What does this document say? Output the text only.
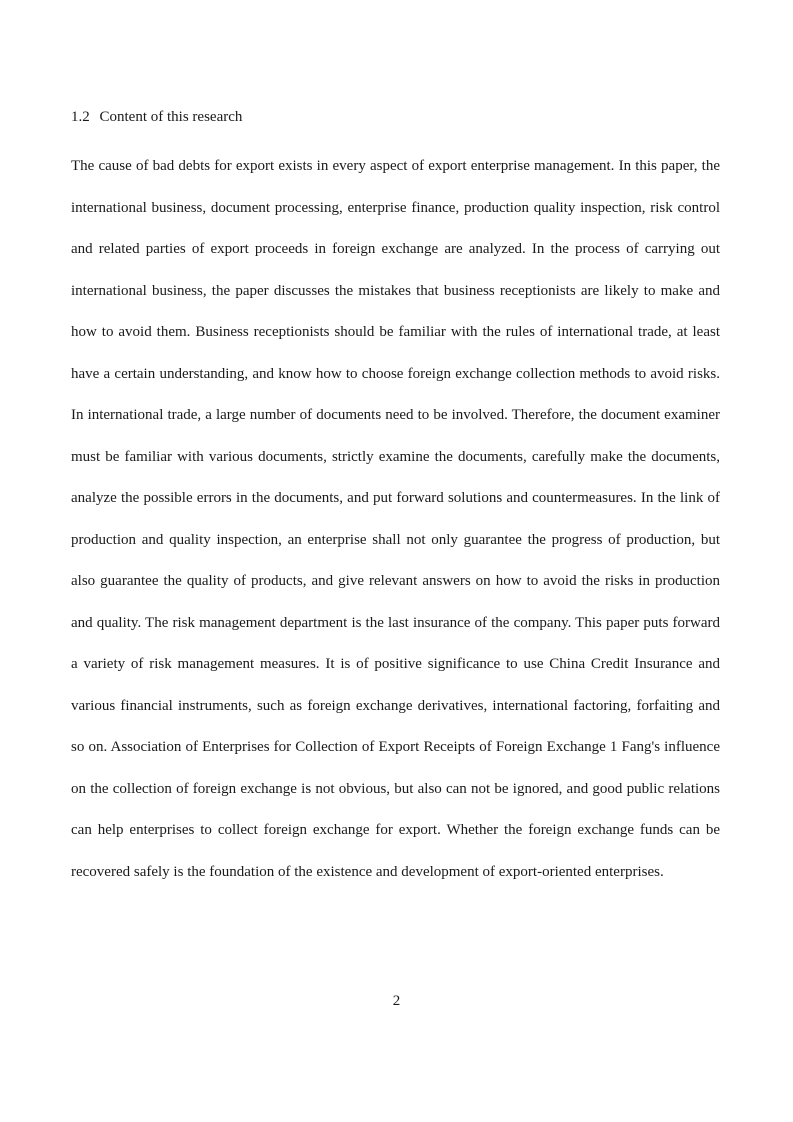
1.2 Content of this research

The cause of bad debts for export exists in every aspect of export enterprise management. In this paper, the international business, document processing, enterprise finance, production quality inspection, risk control and related parties of export proceeds in foreign exchange are analyzed. In the process of carrying out international business, the paper discusses the mistakes that business receptionists are likely to make and how to avoid them. Business receptionists should be familiar with the rules of international trade, at least have a certain understanding, and know how to choose foreign exchange collection methods to avoid risks. In international trade, a large number of documents need to be involved. Therefore, the document examiner must be familiar with various documents, strictly examine the documents, carefully make the documents, analyze the possible errors in the documents, and put forward solutions and countermeasures. In the link of production and quality inspection, an enterprise shall not only guarantee the progress of production, but also guarantee the quality of products, and give relevant answers on how to avoid the risks in production and quality. The risk management department is the last insurance of the company. This paper puts forward a variety of risk management measures. It is of positive significance to use China Credit Insurance and various financial instruments, such as foreign exchange derivatives, international factoring, forfaiting and so on. Association of Enterprises for Collection of Export Receipts of Foreign Exchange 1 Fang's influence on the collection of foreign exchange is not obvious, but also can not be ignored, and good public relations can help enterprises to collect foreign exchange for export. Whether the foreign exchange funds can be recovered safely is the foundation of the existence and development of export-oriented enterprises.

2
